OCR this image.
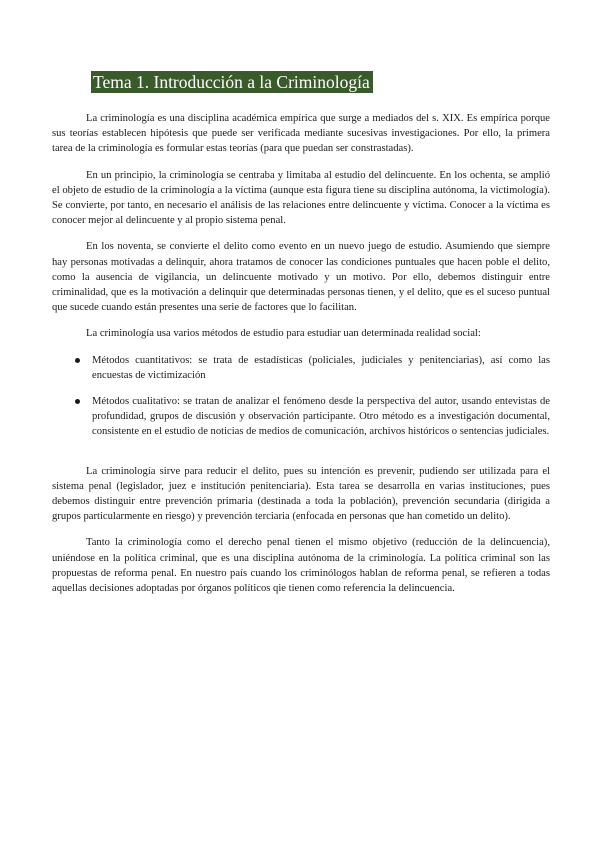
Tema 1. Introducción a la Criminología

La criminología es una disciplina académica empírica que surge a mediados del s. XIX. Es empírica porque sus teorías establecen hipótesis que puede ser verificada mediante sucesivas investigaciones. Por ello, la primera tarea de la criminología es formular estas teorías (para que puedan ser constrastadas).

En un principio, la criminología se centraba y limitaba al estudio del delincuente. En los ochenta, se amplió el objeto de estudio de la criminología a la víctima (aunque esta figura tiene su disciplina autónoma, la victimología). Se convierte, por tanto, en necesario el análisis de las relaciones entre delincuente y víctima. Conocer a la víctima es conocer mejor al delincuente y al propio sistema penal.

En los noventa, se convierte el delito como evento en un nuevo juego de estudio. Asumiendo que siempre hay personas motivadas a delinquir, ahora tratamos de conocer las condiciones puntuales que hacen poble el delito, como la ausencia de vigilancia, un delincuente motivado y un motivo. Por ello, debemos distinguir entre criminalidad, que es la motivación a delinquir que determinadas personas tienen, y el delito, que es el suceso puntual que sucede cuando están presentes una serie de factores que lo facilitan.

La criminología usa varios métodos de estudio para estudiar uan determinada realidad social:

Métodos cuantitativos: se trata de estadísticas (policiales, judiciales y penitenciarias), así como las encuestas de victimización
Métodos cualitativo: se tratan de analizar el fenómeno desde la perspectiva del autor, usando entevistas de profundidad, grupos de discusión y observación participante. Otro método es a investigación documental, consistente en el estudio de noticias de medios de comunicación, archivos históricos o sentencias judiciales.

La criminología sirve para reducir el delito, pues su intención es prevenir, pudiendo ser utilizada para el sistema penal (legislador, juez e institución penitenciaria). Esta tarea se desarrolla en varias instituciones, pues debemos distinguir entre prevención primaria (destinada a toda la población), prevención secundaria (dirigida a grupos particularmente en riesgo) y prevención terciaria (enfocada en personas que han cometido un delito).

Tanto la criminología como el derecho penal tienen el mismo objetivo (reducción de la delincuencia), uniéndose en la política criminal, que es una disciplina autónoma de la criminología. La política criminal son las propuestas de reforma penal. En nuestro país cuando los criminólogos hablan de reforma penal, se refieren a todas aquellas decisiones adoptadas por órganos políticos qie tienen como referencia la delincuencia.
